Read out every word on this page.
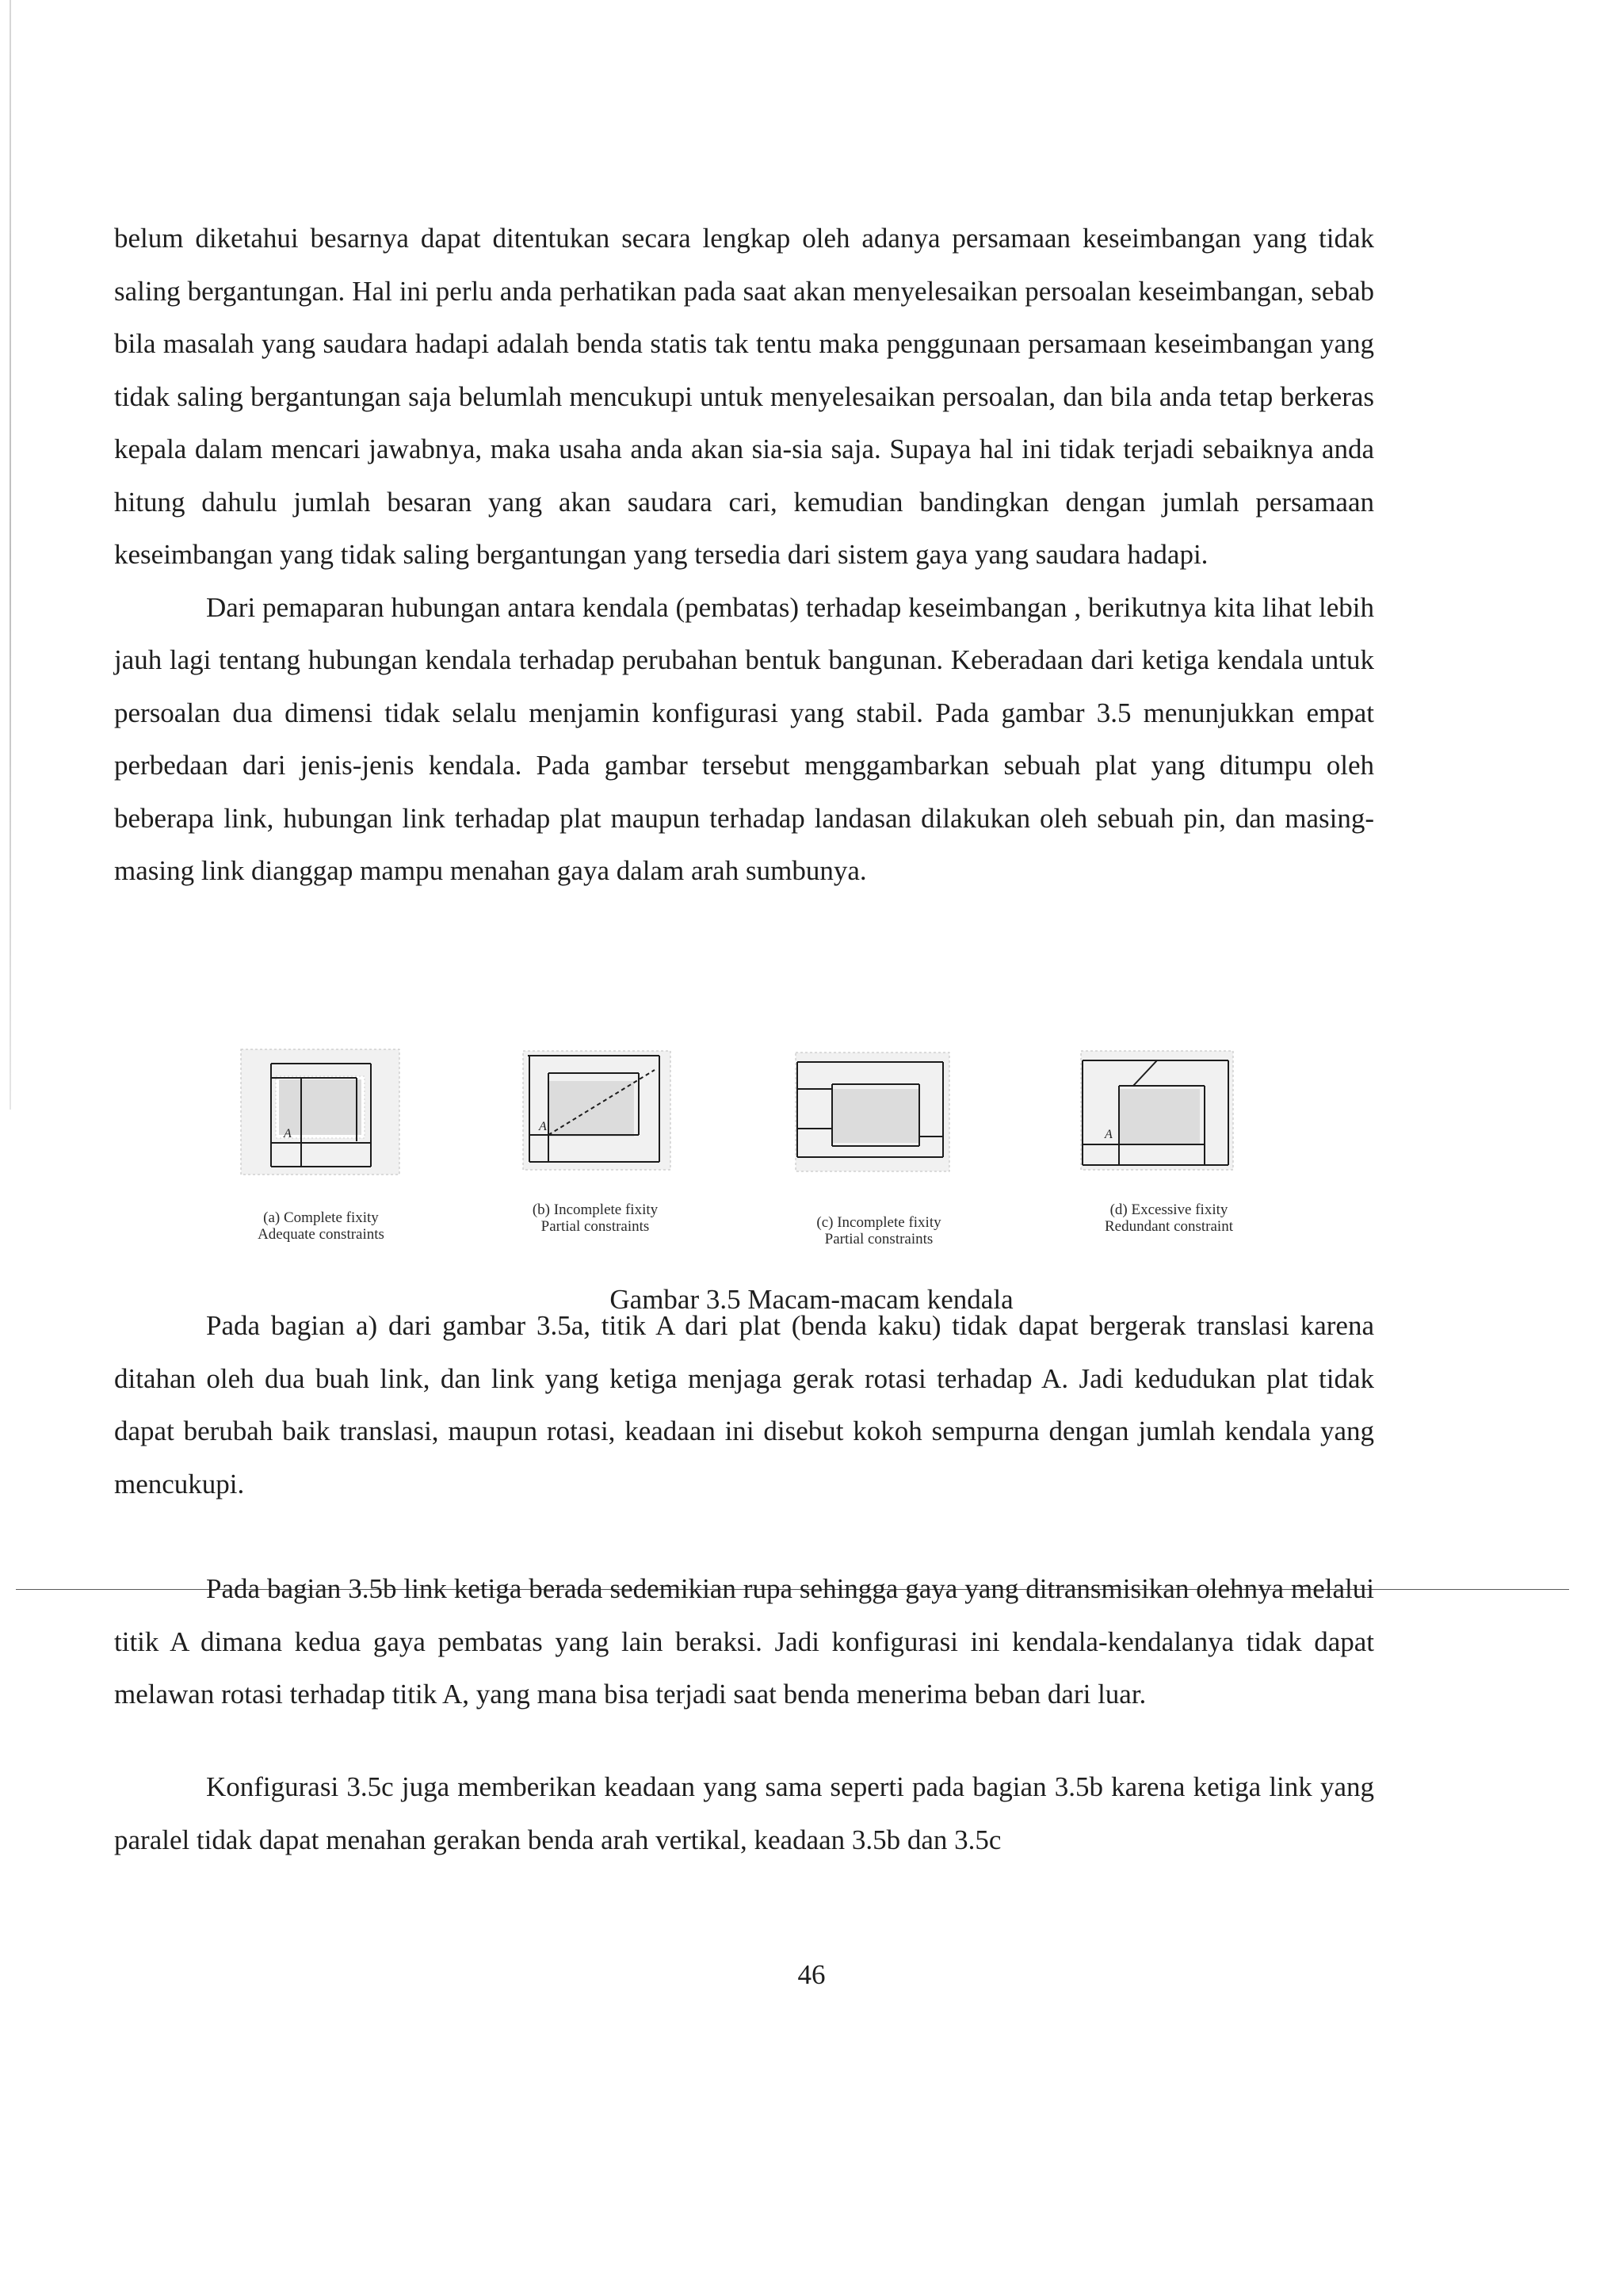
belum diketahui besarnya dapat ditentukan secara lengkap oleh adanya persamaan keseimbangan yang tidak saling bergantungan. Hal ini perlu anda perhatikan pada saat akan menyelesaikan persoalan keseimbangan, sebab bila masalah yang saudara hadapi adalah benda statis tak tentu maka penggunaan persamaan keseimbangan yang tidak saling bergantungan saja belumlah mencukupi untuk menyelesaikan persoalan, dan bila anda tetap berkeras kepala dalam mencari jawabnya, maka usaha anda akan sia-sia saja. Supaya hal ini tidak terjadi sebaiknya anda hitung dahulu jumlah besaran yang akan saudara cari, kemudian bandingkan dengan jumlah persamaan keseimbangan yang tidak saling bergantungan yang tersedia dari sistem gaya yang saudara hadapi.

Dari pemaparan hubungan antara kendala (pembatas) terhadap keseimbangan , berikutnya kita lihat lebih jauh lagi tentang hubungan kendala terhadap perubahan bentuk bangunan. Keberadaan dari ketiga kendala untuk persoalan dua dimensi tidak selalu menjamin konfigurasi yang stabil. Pada gambar 3.5 menunjukkan empat perbedaan dari jenis-jenis kendala. Pada gambar tersebut menggambarkan sebuah plat yang ditumpu oleh beberapa link, hubungan link terhadap plat maupun terhadap landasan dilakukan oleh sebuah pin, dan masing-masing link dianggap mampu menahan gaya dalam arah sumbunya.

A
(a) Complete fixity
Adequate constraints
A
(b) Incomplete fixity
Partial constraints	(c) Incomplete fixity
Partial constraints
A
(d) Excessive fixity
Redundant constraint
Gambar 3.5 Macam-macam kendala

Pada bagian a) dari gambar 3.5a, titik A dari plat (benda kaku) tidak dapat bergerak translasi karena ditahan oleh dua buah link, dan link yang ketiga menjaga gerak rotasi terhadap A. Jadi kedudukan plat tidak dapat berubah baik translasi, maupun rotasi, keadaan ini disebut kokoh sempurna dengan jumlah kendala yang mencukupi.

Pada bagian 3.5b link ketiga berada sedemikian rupa sehingga gaya yang ditransmisikan olehnya melalui titik A dimana kedua gaya pembatas yang lain beraksi. Jadi konfigurasi ini kendala-kendalanya tidak dapat melawan rotasi terhadap titik A, yang mana bisa terjadi saat benda menerima beban dari luar.

Konfigurasi 3.5c juga memberikan keadaan yang sama seperti pada bagian 3.5b karena ketiga link yang paralel tidak dapat menahan gerakan benda arah vertikal, keadaan 3.5b dan 3.5c

46
